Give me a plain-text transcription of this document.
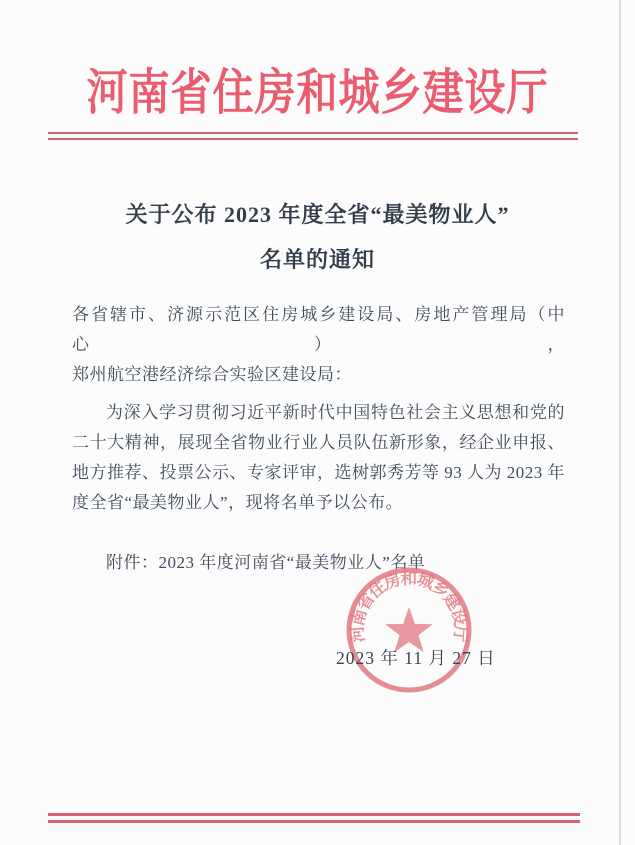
河南省住房和城乡建设厅
关于公布 2023 年度全省“最美物业人”
名单的通知
各省辖市、济源示范区住房城乡建设局、房地产管理局（中心），
郑州航空港经济综合实验区建设局：
为深入学习贯彻习近平新时代中国特色社会主义思想和党的
二十大精神，展现全省物业行业人员队伍新形象，经企业申报、
地方推荐、投票公示、专家评审，选树郭秀芳等 93 人为 2023 年
度全省“最美物业人”，现将名单予以公布。
附件：2023 年度河南省“最美物业人”名单
河南省住房和城乡建设厅
2023 年 11 月 27 日
